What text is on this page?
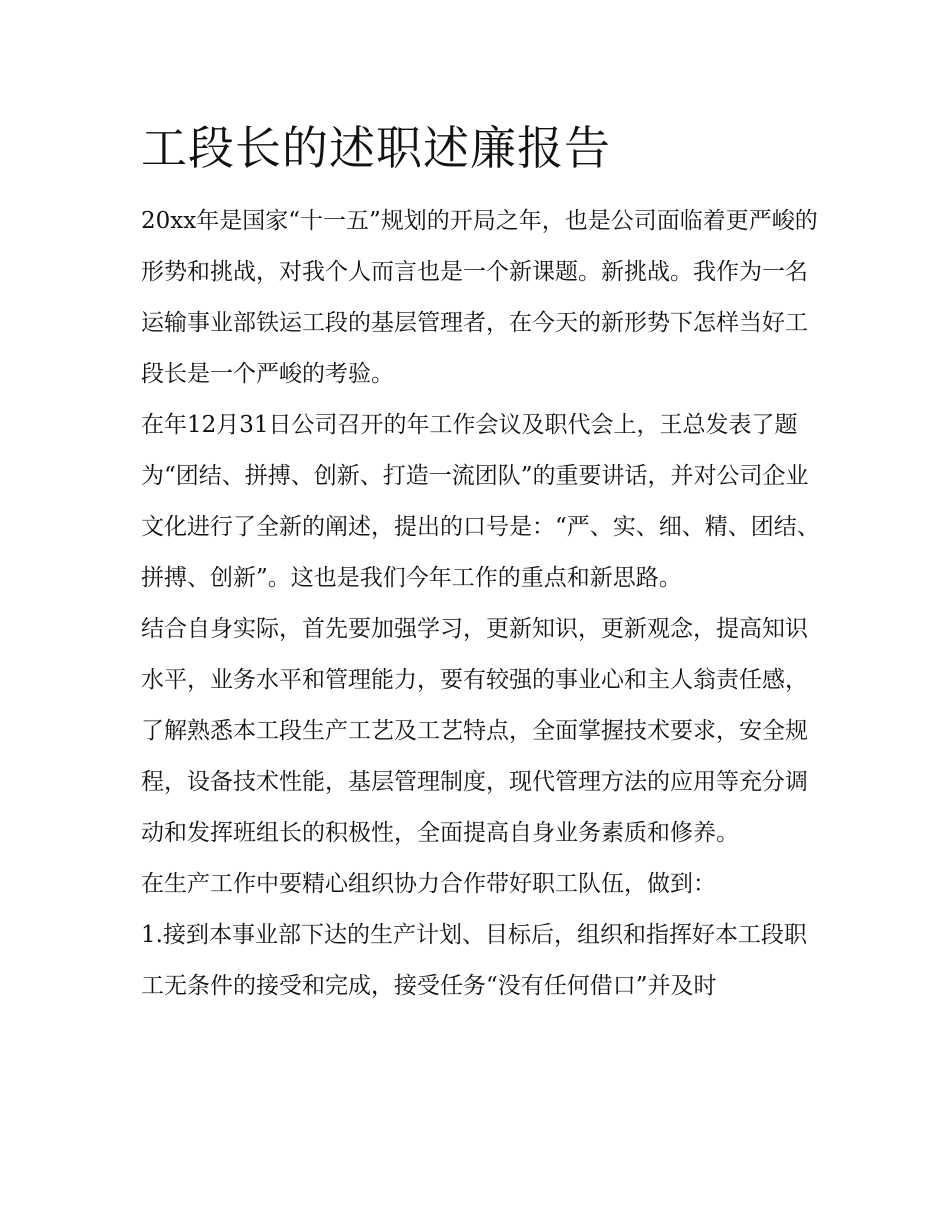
工段长的述职述廉报告

20xx年是国家“十一五”规划的开局之年，也是公司面临着更严峻的形势和挑战，对我个人而言也是一个新课题。新挑战。我作为一名运输事业部铁运工段的基层管理者，在今天的新形势下怎样当好工段长是一个严峻的考验。

在年12月31日公司召开的年工作会议及职代会上，王总发表了题为“团结、拼搏、创新、打造一流团队”的重要讲话，并对公司企业文化进行了全新的阐述，提出的口号是：“严、实、细、精、团结、拼搏、创新”。这也是我们今年工作的重点和新思路。

结合自身实际，首先要加强学习，更新知识，更新观念，提高知识水平，业务水平和管理能力，要有较强的事业心和主人翁责任感，了解熟悉本工段生产工艺及工艺特点，全面掌握技术要求，安全规程，设备技术性能，基层管理制度，现代管理方法的应用等充分调动和发挥班组长的积极性，全面提高自身业务素质和修养。

在生产工作中要精心组织协力合作带好职工队伍，做到：

1.接到本事业部下达的生产计划、目标后，组织和指挥好本工段职工无条件的接受和完成，接受任务“没有任何借口”并及时
